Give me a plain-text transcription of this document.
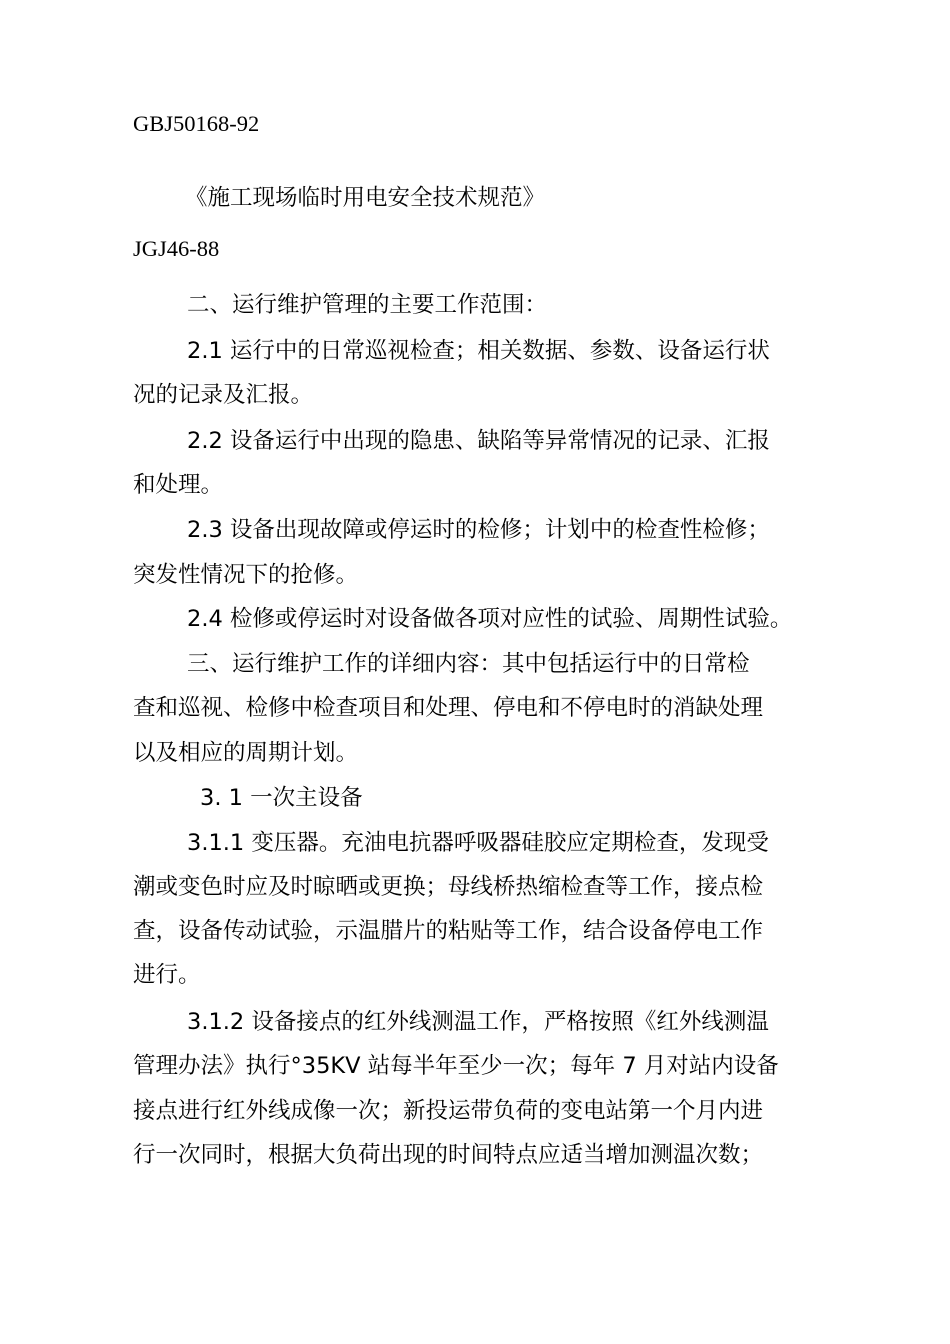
GBJ50168-92
《施工现场临时用电安全技术规范》
JGJ46-88
二、运行维护管理的主要工作范围：
2.1 运行中的日常巡视检查；相关数据、参数、设备运行状
况的记录及汇报。
2.2 设备运行中出现的隐患、缺陷等异常情况的记录、汇报
和处理。
2.3 设备出现故障或停运时的检修；计划中的检查性检修；
突发性情况下的抢修。
2.4 检修或停运时对设备做各项对应性的试验、周期性试验。
三、运行维护工作的详细内容：其中包括运行中的日常检
查和巡视、检修中检查项目和处理、停电和不停电时的消缺处理
以及相应的周期计划。
3. 1 一次主设备
3.1.1 变压器。充油电抗器呼吸器硅胶应定期检查，发现受
潮或变色时应及时晾晒或更换；母线桥热缩检查等工作，接点检
查，设备传动试验，示温腊片的粘贴等工作，结合设备停电工作
进行。
3.1.2 设备接点的红外线测温工作，严格按照《红外线测温
管理办法》执行°35KV 站每半年至少一次；每年 7 月对站内设备
接点进行红外线成像一次；新投运带负荷的变电站第一个月内进
行一次同时，根据大负荷出现的时间特点应适当增加测温次数；
